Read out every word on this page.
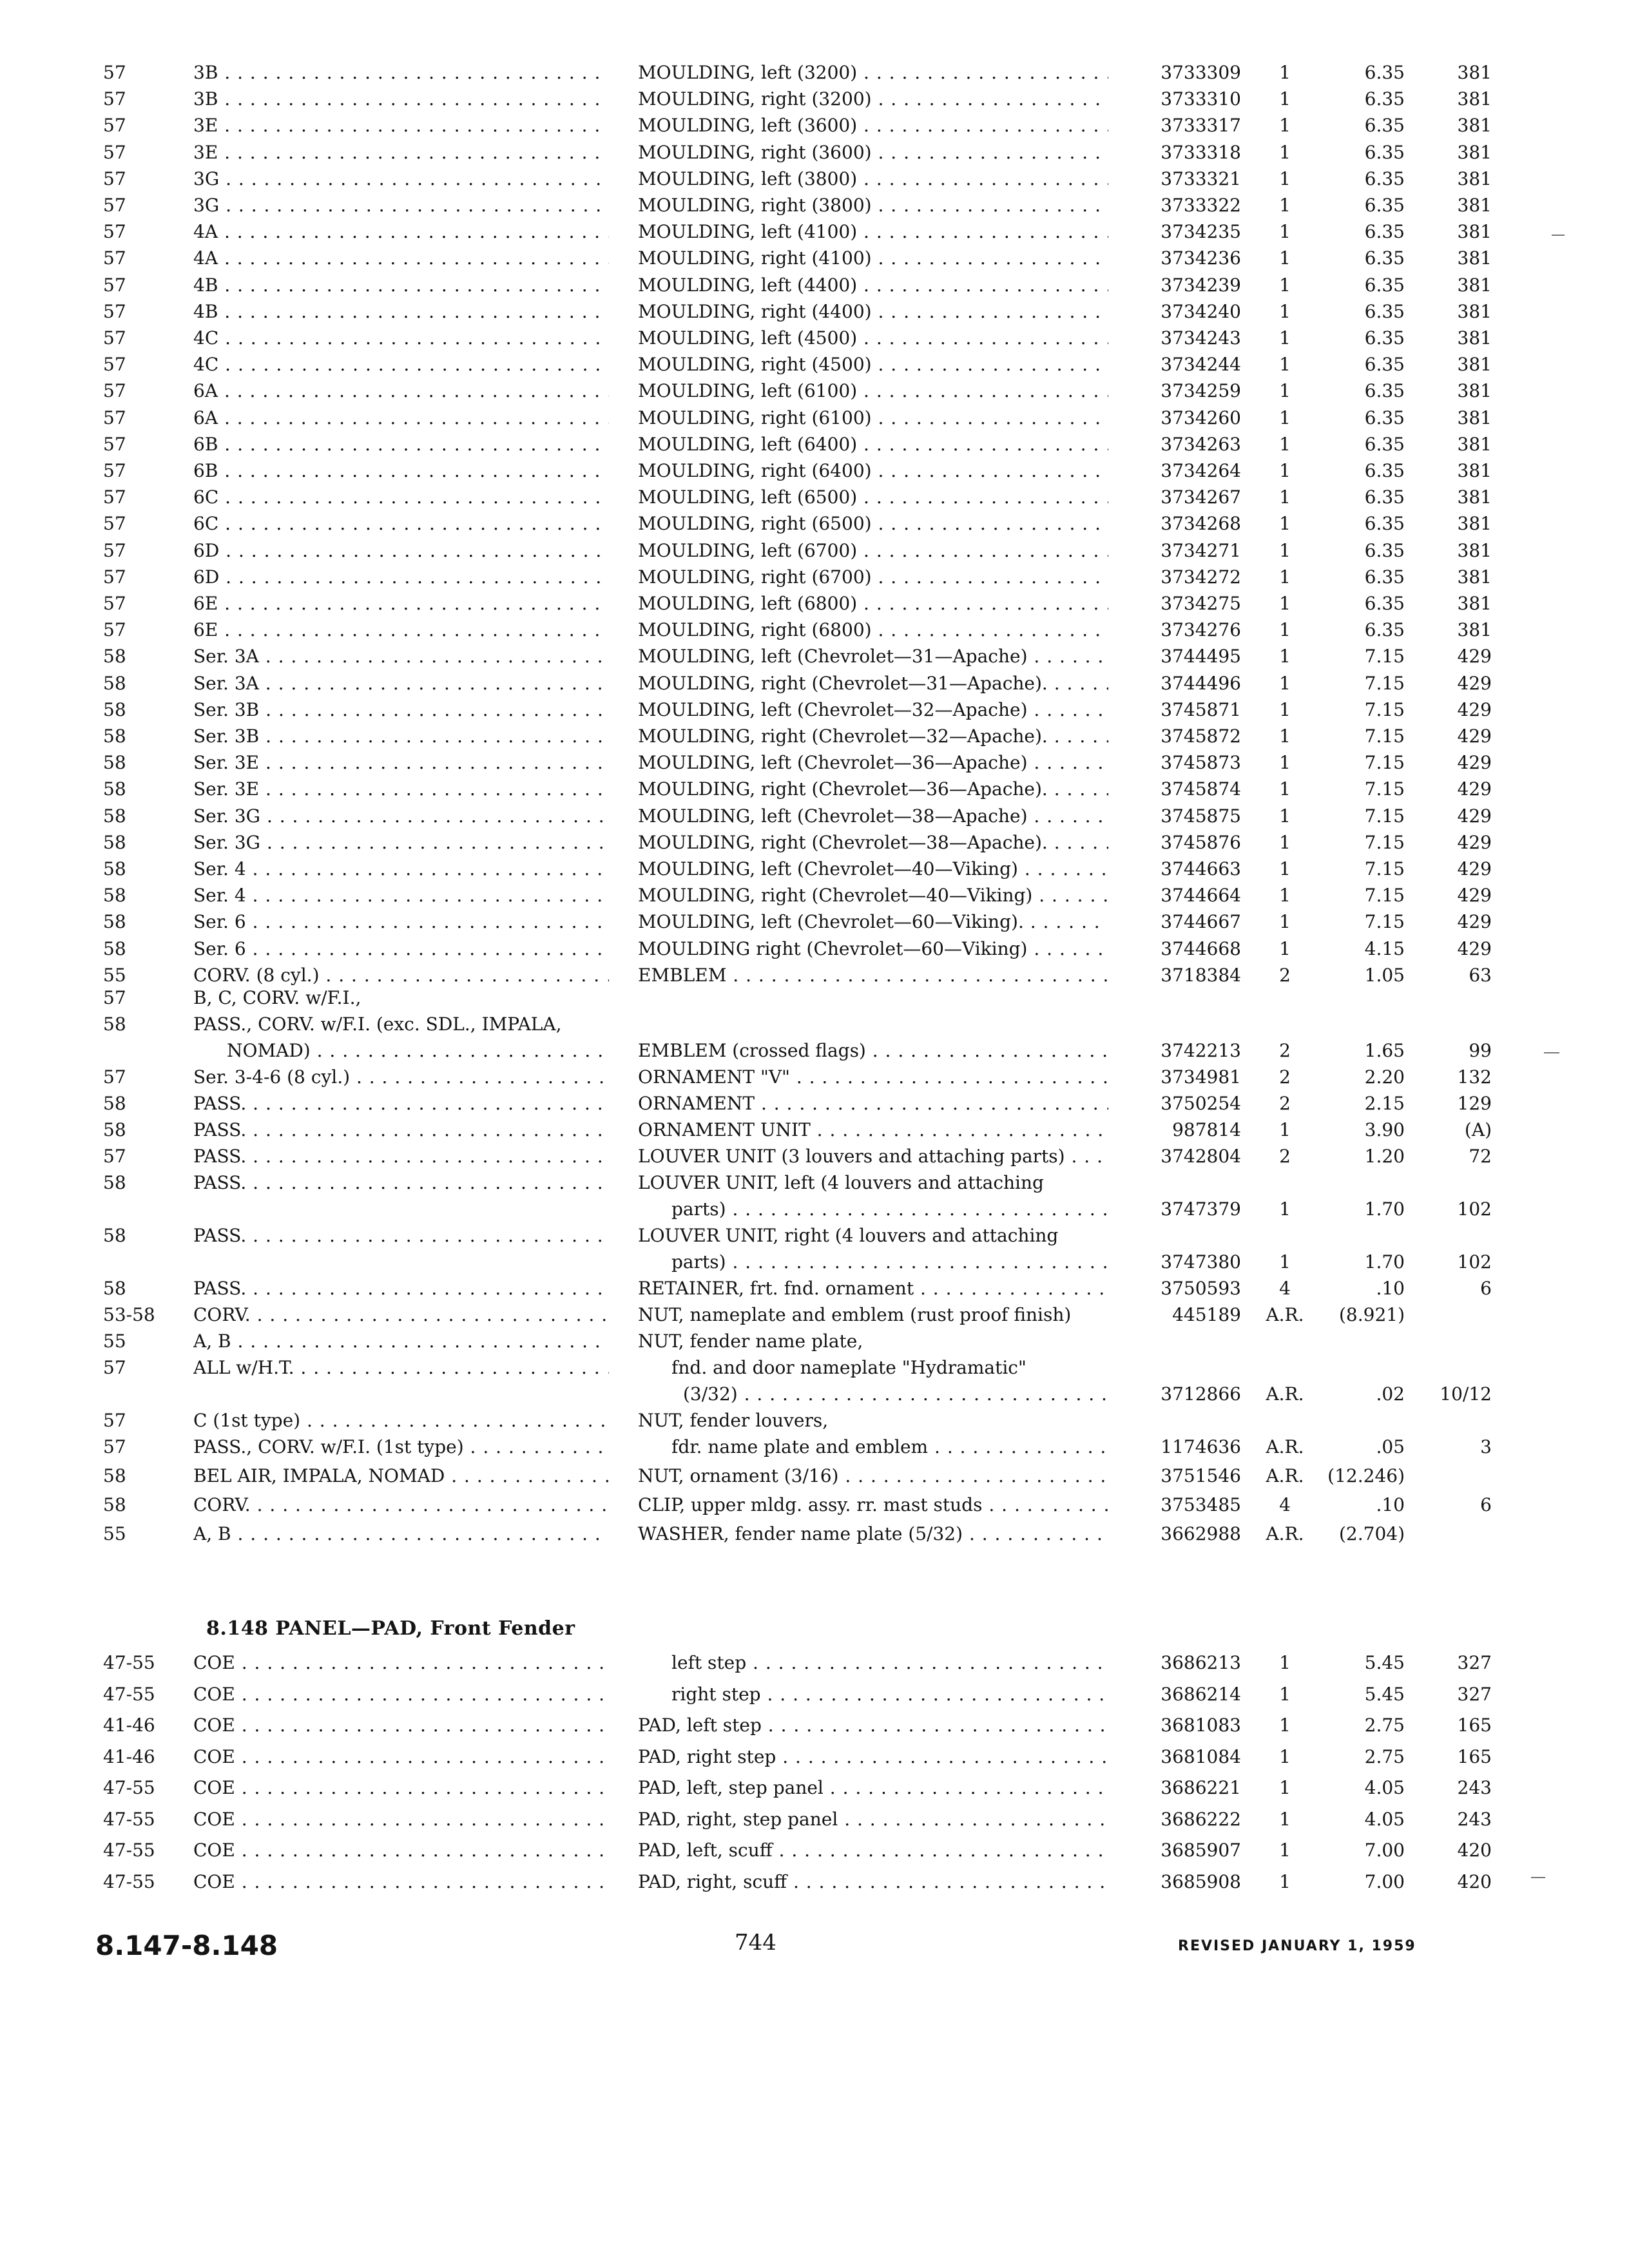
57	3B . . .	MOULDING, left (3200) . . .	3733309	1	6.35	381
57	3B . . .	MOULDING, right (3200) . . .	3733310	1	6.35	381
57	3E . . .	MOULDING, left (3600) . . .	3733317	1	6.35	381
57	3E . . .	MOULDING, right (3600) . . .	3733318	1	6.35	381
57	3G . . .	MOULDING, left (3800) . . .	3733321	1	6.35	381
57	3G . . .	MOULDING, right (3800) . . .	3733322	1	6.35	381
57	4A . . .	MOULDING, left (4100) . . .	3734235	1	6.35	381
57	4A . . .	MOULDING, right (4100) . . .	3734236	1	6.35	381
57	4B . . .	MOULDING, left (4400) . . .	3734239	1	6.35	381
57	4B . . .	MOULDING, right (4400) . . .	3734240	1	6.35	381
57	4C . . .	MOULDING, left (4500) . . .	3734243	1	6.35	381
57	4C . . .	MOULDING, right (4500) . . .	3734244	1	6.35	381
57	6A . . .	MOULDING, left (6100) . . .	3734259	1	6.35	381
57	6A . . .	MOULDING, right (6100) . . .	3734260	1	6.35	381
57	6B . . .	MOULDING, left (6400) . . .	3734263	1	6.35	381
57	6B . . .	MOULDING, right (6400) . . .	3734264	1	6.35	381
57	6C . . .	MOULDING, left (6500) . . .	3734267	1	6.35	381
57	6C . . .	MOULDING, right (6500) . . .	3734268	1	6.35	381
57	6D . . .	MOULDING, left (6700) . . .	3734271	1	6.35	381
57	6D . . .	MOULDING, right (6700) . . .	3734272	1	6.35	381
57	6E . . .	MOULDING, left (6800) . . .	3734275	1	6.35	381
57	6E . . .	MOULDING, right (6800) . . .	3734276	1	6.35	381
58	Ser. 3A . . .	MOULDING, left (Chevrolet—31—Apache) . . .	3744495	1	7.15	429
58	Ser. 3A . . .	MOULDING, right (Chevrolet—31—Apache). . . .	3744496	1	7.15	429
58	Ser. 3B . . .	MOULDING, left (Chevrolet—32—Apache) . . .	3745871	1	7.15	429
58	Ser. 3B . . .	MOULDING, right (Chevrolet—32—Apache). . . .	3745872	1	7.15	429
58	Ser. 3E . . .	MOULDING, left (Chevrolet—36—Apache) . . .	3745873	1	7.15	429
58	Ser. 3E . . .	MOULDING, right (Chevrolet—36—Apache). . . .	3745874	1	7.15	429
58	Ser. 3G . . .	MOULDING, left (Chevrolet—38—Apache) . . .	3745875	1	7.15	429
58	Ser. 3G . . .	MOULDING, right (Chevrolet—38—Apache). . . .	3745876	1	7.15	429
58	Ser. 4 . . .	MOULDING, left (Chevrolet—40—Viking) . . .	3744663	1	7.15	429
58	Ser. 4 . . .	MOULDING, right (Chevrolet—40—Viking) . . .	3744664	1	7.15	429
58	Ser. 6 . . .	MOULDING, left (Chevrolet—60—Viking). . . .	3744667	1	7.15	429
58	Ser. 6 . . .	MOULDING right (Chevrolet—60—Viking) . . .	3744668	1	4.15	429
55	CORV. (8 cyl.) . . .	EMBLEM . . .	3718384	2	1.05	63
57	B, C, CORV. w/F.I.,
58	PASS., CORV. w/F.I. (exc. SDL., IMPALA,
NOMAD) . . .	EMBLEM (crossed flags) . . .	3742213	2	1.65	99
57	Ser. 3-4-6 (8 cyl.) . . .	ORNAMENT "V" . . .	3734981	2	2.20	132
58	PASS. . . .	ORNAMENT . . .	3750254	2	2.15	129
58	PASS. . . .	ORNAMENT UNIT . . .	987814	1	3.90	(A)
57	PASS. . . .	LOUVER UNIT (3 louvers and attaching parts) . . .	3742804	2	1.20	72
58	PASS. . . .	LOUVER UNIT, left (4 louvers and attaching
parts) . . .	3747379	1	1.70	102
58	PASS. . . .	LOUVER UNIT, right (4 louvers and attaching
parts) . . .	3747380	1	1.70	102
58	PASS. . . .	RETAINER, frt. fnd. ornament . . .	3750593	4	.10	6
53-58	CORV. . . .	NUT, nameplate and emblem (rust proof finish)	445189	A.R.	(8.921)
55	A, B . . .	NUT, fender name plate,
57	ALL w/H.T. . . .	fnd. and door nameplate "Hydramatic"
(3/32) . . .	3712866	A.R.	.02	10/12
57	C (1st type) . . .	NUT, fender louvers,
57	PASS., CORV. w/F.I. (1st type) . . .	fdr. name plate and emblem . . .	1174636	A.R.	.05	3
58	BEL AIR, IMPALA, NOMAD . . .	NUT, ornament (3/16) . . .	3751546	A.R.	(12.246)
58	CORV. . . .	CLIP, upper mldg. assy. rr. mast studs . . .	3753485	4	.10	6
55	A, B . . .	WASHER, fender name plate (5/32) . . .	3662988	A.R.	(2.704)
8.148 PANEL—PAD, Front Fender
47-55	COE . . .	left step . . .	3686213	1	5.45	327
47-55	COE . . .	right step . . .	3686214	1	5.45	327
41-46	COE . . .	PAD, left step . . .	3681083	1	2.75	165
41-46	COE . . .	PAD, right step . . .	3681084	1	2.75	165
47-55	COE . . .	PAD, left, step panel . . .	3686221	1	4.05	243
47-55	COE . . .	PAD, right, step panel . . .	3686222	1	4.05	243
47-55	COE . . .	PAD, left, scuff . . .	3685907	1	7.00	420
47-55	COE . . .	PAD, right, scuff . . .	3685908	1	7.00	420
8.147-8.148	744	REVISED JANUARY 1, 1959
